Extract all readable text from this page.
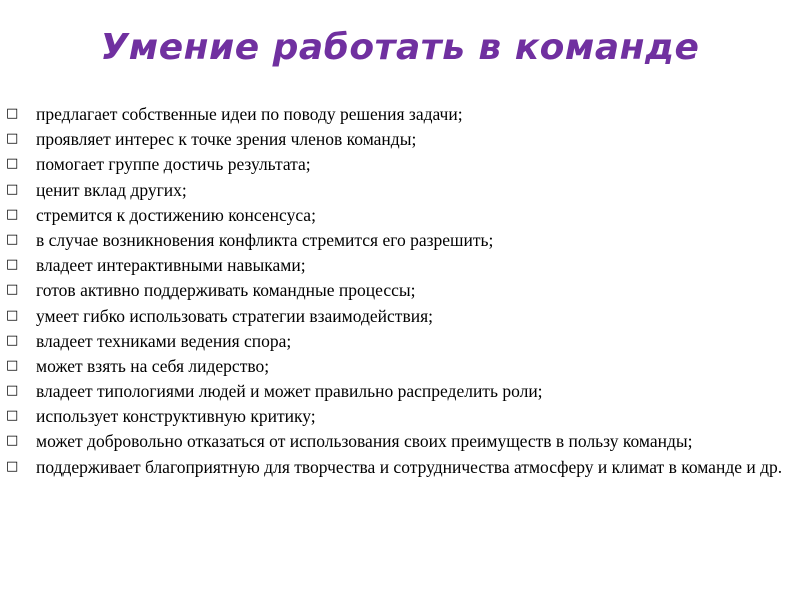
Умение работать в команде
□ предлагает собственные идеи по поводу решения задачи;
□ проявляет интерес к точке зрения членов команды;
□ помогает группе достичь результата;
□ ценит вклад других;
□ стремится к достижению консенсуса;
□ в случае возникновения конфликта стремится его разрешить;
□ владеет интерактивными навыками;
□ готов активно поддерживать командные процессы;
□ умеет гибко использовать стратегии взаимодействия;
□ владеет техниками ведения спора;
□ может взять на себя лидерство;
□ владеет типологиями людей и может правильно распределить роли;
□ использует конструктивную критику;
□ может добровольно отказаться от использования своих преимуществ в пользу команды;
□ поддерживает благоприятную для творчества и сотрудничества атмосферу и климат в команде и др.
